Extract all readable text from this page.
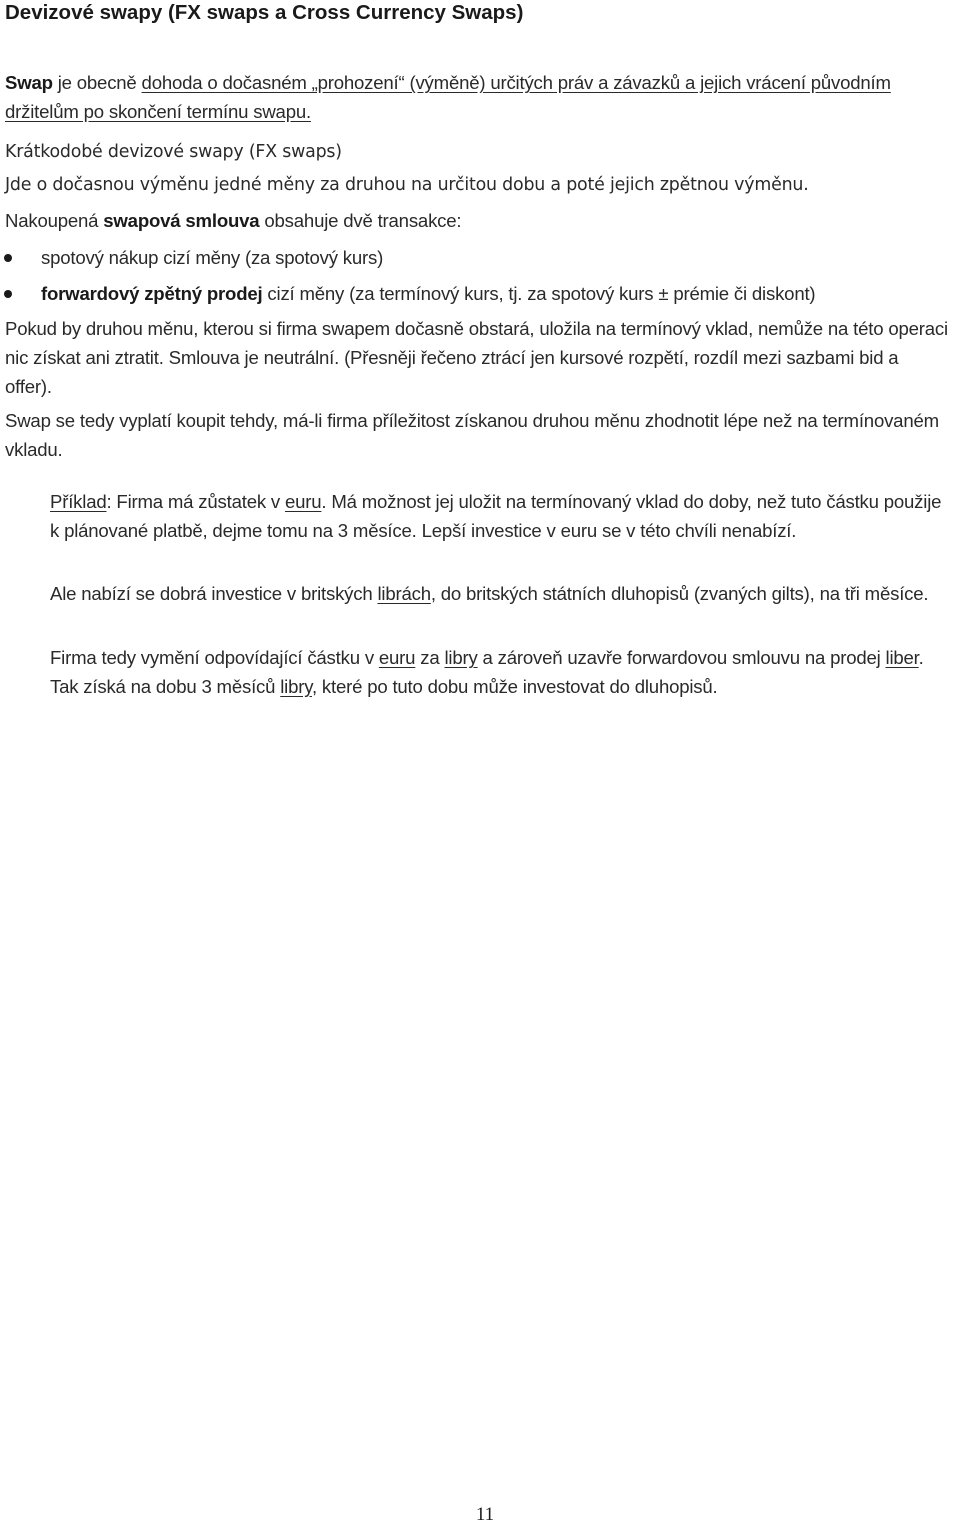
Devizové swapy (FX swaps a Cross Currency Swaps)

Swap je obecně dohoda o dočasném „prohození“ (výměně) určitých práv a závazků a jejich vrácení původním držitelům po skončení termínu swapu.

Krátkodobé devizové swapy (FX swaps)

Jde o dočasnou výměnu jedné měny za druhou na určitou dobu a poté jejich zpětnou výměnu.

Nakoupená swapová smlouva obsahuje dvě transakce:

spotový nákup cizí měny (za spotový kurs)
forwardový zpětný prodej cizí měny (za termínový kurs, tj. za spotový kurs ± prémie či diskont)

Pokud by druhou měnu, kterou si firma swapem dočasně obstará, uložila na termínový vklad, nemůže na této operaci nic získat ani ztratit. Smlouva je neutrální. (Přesněji řečeno ztrácí jen kursové rozpětí, rozdíl mezi sazbami bid a offer).

Swap se tedy vyplatí koupit tehdy, má-li firma příležitost získanou druhou měnu zhodnotit lépe než na termínovaném vkladu.

Příklad: Firma má zůstatek v euru. Má možnost jej uložit na termínovaný vklad do doby, než tuto částku použije k plánované platbě, dejme tomu na 3 měsíce. Lepší investice v euru se v této chvíli nenabízí.

Ale nabízí se dobrá investice v britských librách, do britských státních dluhopisů (zvaných gilts), na tři měsíce.

Firma tedy vymění odpovídající částku v euru za libry a zároveň uzavře forwardovou smlouvu na prodej liber. Tak získá na dobu 3 měsíců libry, které po tuto dobu může investovat do dluhopisů.

11
